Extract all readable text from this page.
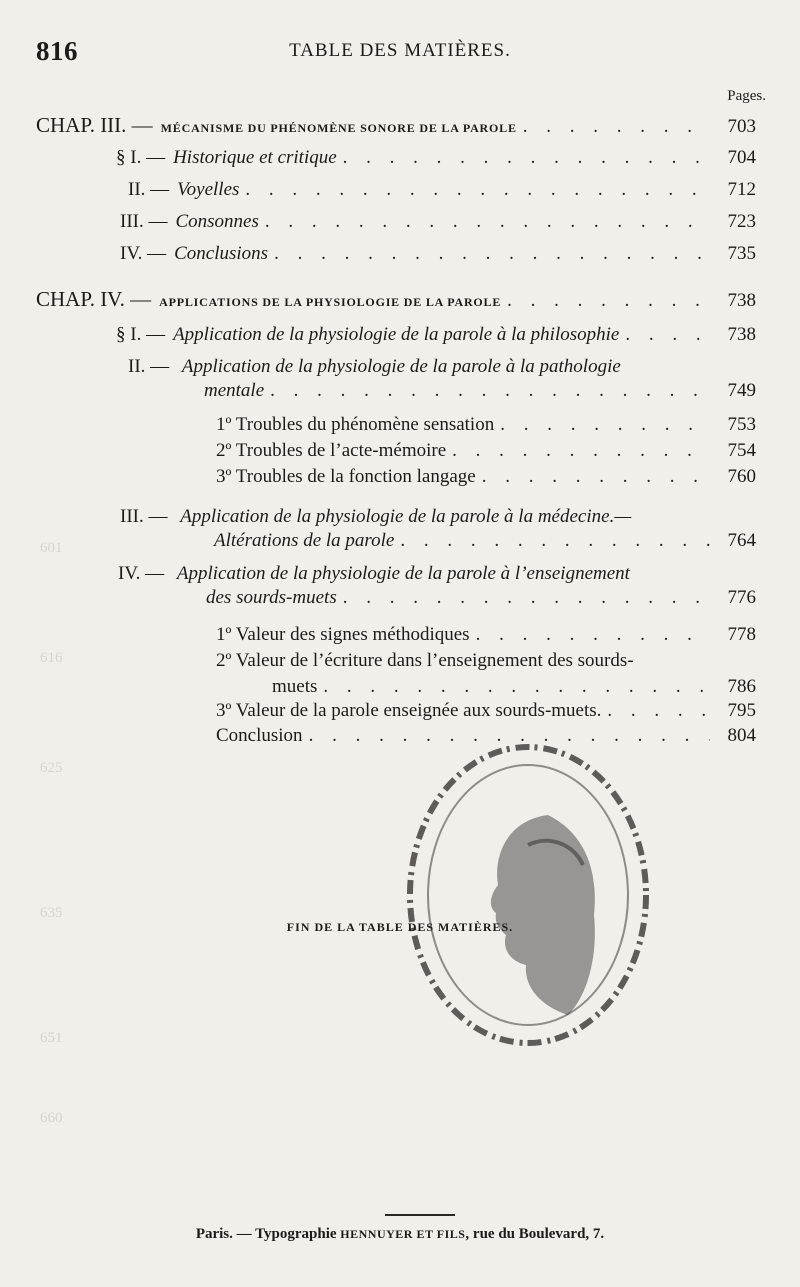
601
616
625
635
651
660
816	TABLE DES MATIÈRES.
Pages.
CHAP. III. — MÉCANISME DU PHÉNOMÈNE SONORE DE LA PAROLE . . .	703
§ I. — Historique et critique . . .	704
II. — Voyelles . . .	712
III. — Consonnes . . .	723
IV. — Conclusions . . .	735
CHAP. IV. — APPLICATIONS DE LA PHYSIOLOGIE DE LA PAROLE . . .	738
§ I. — Application de la physiologie de la parole à la philosophie . . .	738
II. — Application de la physiologie de la parole à la pathologie
mentale . . .	749
1º Troubles du phénomène sensation . . .	753
2º Troubles de l’acte-mémoire . . .	754
3º Troubles de la fonction langage . . .	760
III. — Application de la physiologie de la parole à la médecine.—
Altérations de la parole . . .	764
IV. — Application de la physiologie de la parole à l’enseignement
des sourds-muets . . .	776
1º Valeur des signes méthodiques . . .	778
2º Valeur de l’écriture dans l’enseignement des sourds-
muets . . .	786
3º Valeur de la parole enseignée aux sourds-muets. . . .	795
Conclusion . . .	804
FIN DE LA TABLE DES MATIÈRES.
Paris. — Typographie HENNUYER ET FILS, rue du Boulevard, 7.
